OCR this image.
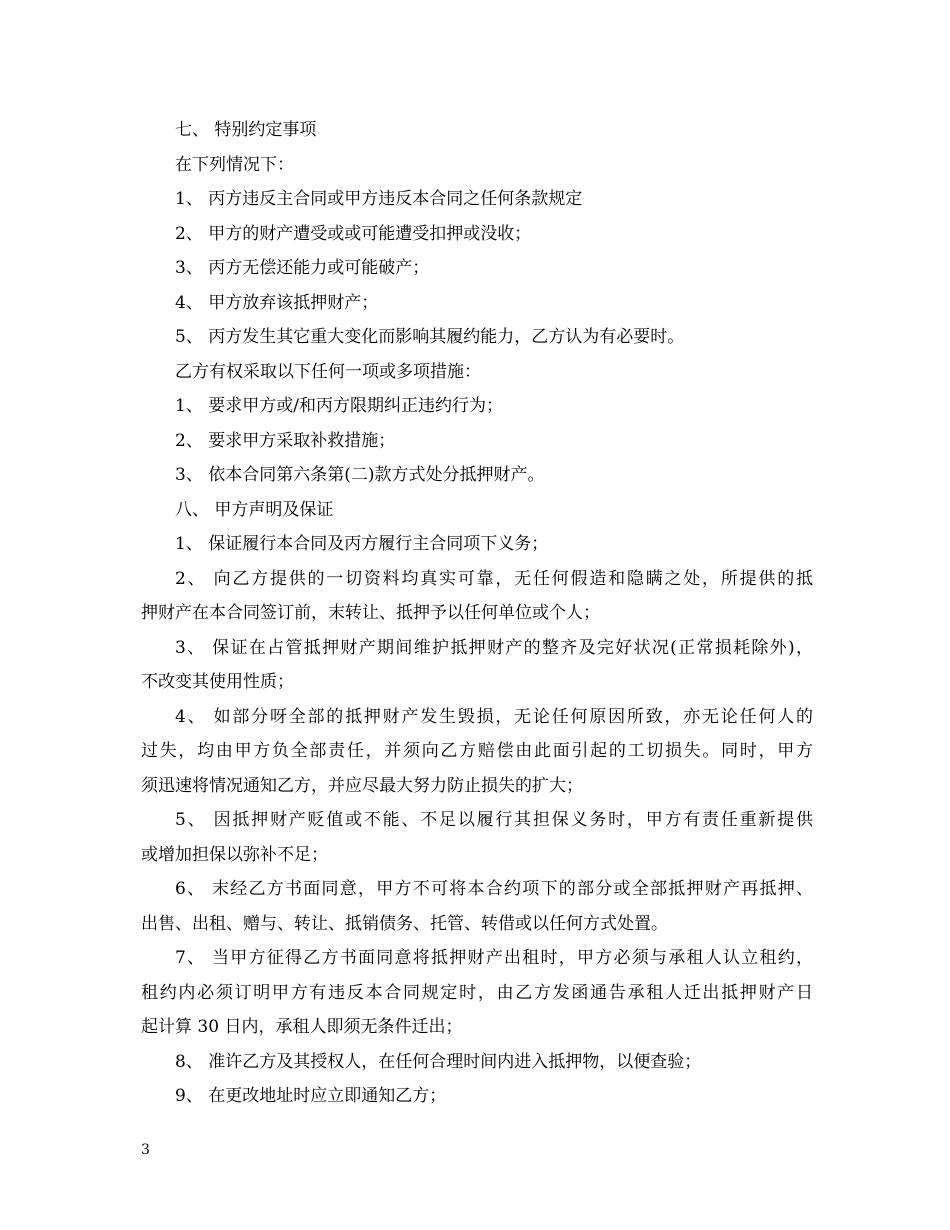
七、 特别约定事项
在下列情况下：
1、 丙方违反主合同或甲方违反本合同之任何条款规定
2、 甲方的财产遭受或或可能遭受扣押或没收；
3、 丙方无偿还能力或可能破产；
4、 甲方放弃该抵押财产；
5、 丙方发生其它重大变化而影响其履约能力，乙方认为有必要时。
乙方有权采取以下任何一项或多项措施：
1、 要求甲方或/和丙方限期纠正违约行为；
2、 要求甲方采取补救措施；
3、 依本合同第六条第(二)款方式处分抵押财产。
八、 甲方声明及保证
1、 保证履行本合同及丙方履行主合同项下义务；
2、 向乙方提供的一切资料均真实可靠，无任何假造和隐瞒之处，所提供的抵
押财产在本合同签订前，末转让、抵押予以任何单位或个人；
3、 保证在占管抵押财产期间维护抵押财产的整齐及完好状况(正常损耗除外)，
不改变其使用性质；
4、 如部分呀全部的抵押财产发生毁损，无论任何原因所致，亦无论任何人的
过失，均由甲方负全部责任，并须向乙方赔偿由此面引起的工切损失。同时，甲方
须迅速将情况通知乙方，并应尽最大努力防止损失的扩大；
5、 因抵押财产贬值或不能、不足以履行其担保义务时，甲方有责任重新提供
或增加担保以弥补不足；
6、 末经乙方书面同意，甲方不可将本合约项下的部分或全部抵押财产再抵押、
出售、出租、赠与、转让、抵销债务、托管、转借或以任何方式处置。
7、 当甲方征得乙方书面同意将抵押财产出租时，甲方必须与承租人认立租约，
租约内必须订明甲方有违反本合同规定时，由乙方发函通告承租人迁出抵押财产日
起计算 30 日内，承租人即须无条件迁出；
8、 准许乙方及其授权人，在任何合理时间内进入抵押物，以便查验；
9、 在更改地址时应立即通知乙方；
3
